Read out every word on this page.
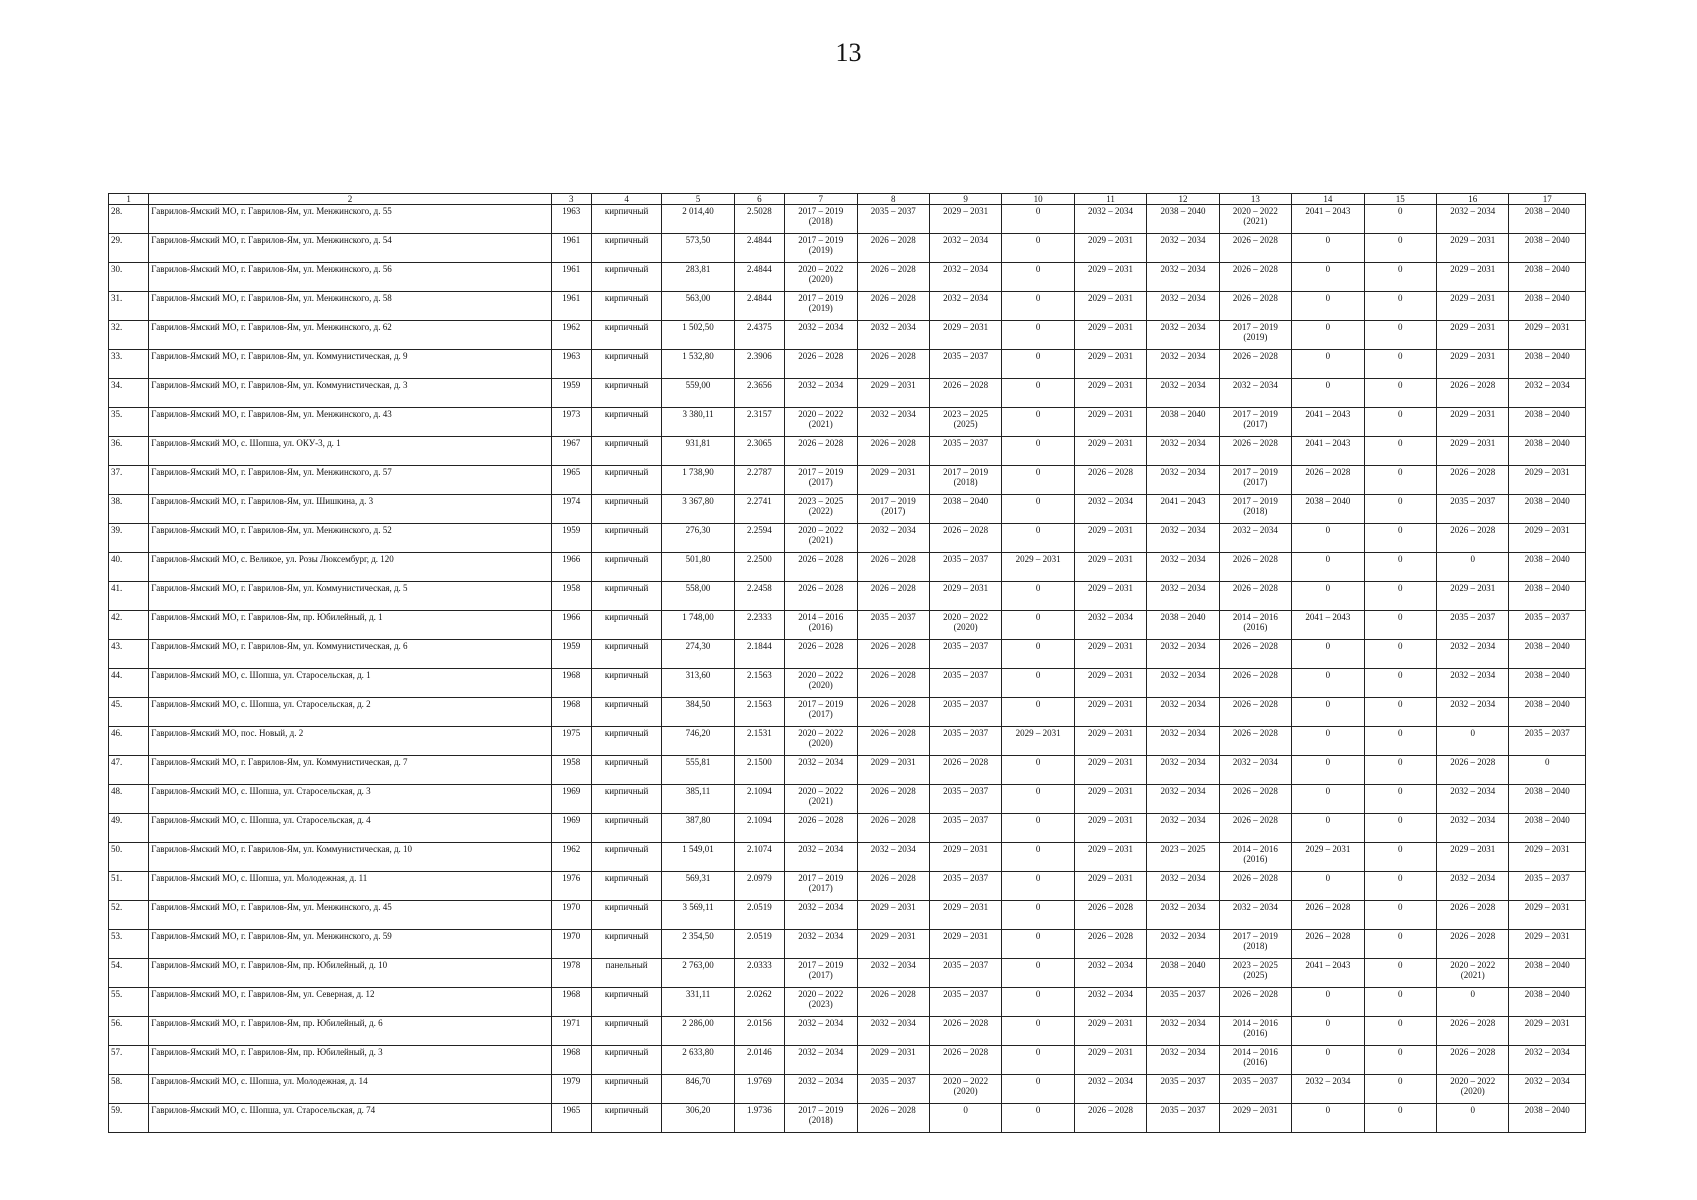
13
1	2	3	4	5	6	7	8	9	10	11	12	13	14	15	16	17
28.	Гаврилов-Ямский МО, г. Гаврилов-Ям, ул. Менжинского, д. 55	1963	кирпичный	2 014,40	2.5028	2017 – 2019
(2018)	2035 – 2037	2029 – 2031	0	2032 – 2034	2038 – 2040	2020 – 2022
(2021)	2041 – 2043	0	2032 – 2034	2038 – 2040

29.	Гаврилов-Ямский МО, г. Гаврилов-Ям, ул. Менжинского, д. 54	1961	кирпичный	573,50	2.4844	2017 – 2019
(2019)	2026 – 2028	2032 – 2034	0	2029 – 2031	2032 – 2034	2026 – 2028	0	0	2029 – 2031	2038 – 2040

30.	Гаврилов-Ямский МО, г. Гаврилов-Ям, ул. Менжинского, д. 56	1961	кирпичный	283,81	2.4844	2020 – 2022
(2020)	2026 – 2028	2032 – 2034	0	2029 – 2031	2032 – 2034	2026 – 2028	0	0	2029 – 2031	2038 – 2040

31.	Гаврилов-Ямский МО, г. Гаврилов-Ям, ул. Менжинского, д. 58	1961	кирпичный	563,00	2.4844	2017 – 2019
(2019)	2026 – 2028	2032 – 2034	0	2029 – 2031	2032 – 2034	2026 – 2028	0	0	2029 – 2031	2038 – 2040

32.	Гаврилов-Ямский МО, г. Гаврилов-Ям, ул. Менжинского, д. 62	1962	кирпичный	1 502,50	2.4375	2032 – 2034	2032 – 2034	2029 – 2031	0	2029 – 2031	2032 – 2034	2017 – 2019
(2019)	0	0	2029 – 2031	2029 – 2031

33.	Гаврилов-Ямский МО, г. Гаврилов-Ям, ул. Коммунистическая, д. 9	1963	кирпичный	1 532,80	2.3906	2026 – 2028	2026 – 2028	2035 – 2037	0	2029 – 2031	2032 – 2034	2026 – 2028	0	0	2029 – 2031	2038 – 2040

34.	Гаврилов-Ямский МО, г. Гаврилов-Ям, ул. Коммунистическая, д. 3	1959	кирпичный	559,00	2.3656	2032 – 2034	2029 – 2031	2026 – 2028	0	2029 – 2031	2032 – 2034	2032 – 2034	0	0	2026 – 2028	2032 – 2034

35.	Гаврилов-Ямский МО, г. Гаврилов-Ям, ул. Менжинского, д. 43	1973	кирпичный	3 380,11	2.3157	2020 – 2022
(2021)	2032 – 2034	2023 – 2025
(2025)	0	2029 – 2031	2038 – 2040	2017 – 2019
(2017)	2041 – 2043	0	2029 – 2031	2038 – 2040

36.	Гаврилов-Ямский МО, с. Шопша, ул. ОКУ-3, д. 1	1967	кирпичный	931,81	2.3065	2026 – 2028	2026 – 2028	2035 – 2037	0	2029 – 2031	2032 – 2034	2026 – 2028	2041 – 2043	0	2029 – 2031	2038 – 2040

37.	Гаврилов-Ямский МО, г. Гаврилов-Ям, ул. Менжинского, д. 57	1965	кирпичный	1 738,90	2.2787	2017 – 2019
(2017)	2029 – 2031	2017 – 2019
(2018)	0	2026 – 2028	2032 – 2034	2017 – 2019
(2017)	2026 – 2028	0	2026 – 2028	2029 – 2031

38.	Гаврилов-Ямский МО, г. Гаврилов-Ям, ул. Шишкина, д. 3	1974	кирпичный	3 367,80	2.2741	2023 – 2025
(2022)	2017 – 2019
(2017)	2038 – 2040	0	2032 – 2034	2041 – 2043	2017 – 2019
(2018)	2038 – 2040	0	2035 – 2037	2038 – 2040

39.	Гаврилов-Ямский МО, г. Гаврилов-Ям, ул. Менжинского, д. 52	1959	кирпичный	276,30	2.2594	2020 – 2022
(2021)	2032 – 2034	2026 – 2028	0	2029 – 2031	2032 – 2034	2032 – 2034	0	0	2026 – 2028	2029 – 2031

40.	Гаврилов-Ямский МО, с. Великое, ул. Розы Люксембург, д. 120	1966	кирпичный	501,80	2.2500	2026 – 2028	2026 – 2028	2035 – 2037	2029 – 2031	2029 – 2031	2032 – 2034	2026 – 2028	0	0	0	2038 – 2040

41.	Гаврилов-Ямский МО, г. Гаврилов-Ям, ул. Коммунистическая, д. 5	1958	кирпичный	558,00	2.2458	2026 – 2028	2026 – 2028	2029 – 2031	0	2029 – 2031	2032 – 2034	2026 – 2028	0	0	2029 – 2031	2038 – 2040

42.	Гаврилов-Ямский МО, г. Гаврилов-Ям, пр. Юбилейный, д. 1	1966	кирпичный	1 748,00	2.2333	2014 – 2016
(2016)	2035 – 2037	2020 – 2022
(2020)	0	2032 – 2034	2038 – 2040	2014 – 2016
(2016)	2041 – 2043	0	2035 – 2037	2035 – 2037

43.	Гаврилов-Ямский МО, г. Гаврилов-Ям, ул. Коммунистическая, д. 6	1959	кирпичный	274,30	2.1844	2026 – 2028	2026 – 2028	2035 – 2037	0	2029 – 2031	2032 – 2034	2026 – 2028	0	0	2032 – 2034	2038 – 2040

44.	Гаврилов-Ямский МО, с. Шопша, ул. Старосельская, д. 1	1968	кирпичный	313,60	2.1563	2020 – 2022
(2020)	2026 – 2028	2035 – 2037	0	2029 – 2031	2032 – 2034	2026 – 2028	0	0	2032 – 2034	2038 – 2040

45.	Гаврилов-Ямский МО, с. Шопша, ул. Старосельская, д. 2	1968	кирпичный	384,50	2.1563	2017 – 2019
(2017)	2026 – 2028	2035 – 2037	0	2029 – 2031	2032 – 2034	2026 – 2028	0	0	2032 – 2034	2038 – 2040

46.	Гаврилов-Ямский МО, пос. Новый, д. 2	1975	кирпичный	746,20	2.1531	2020 – 2022
(2020)	2026 – 2028	2035 – 2037	2029 – 2031	2029 – 2031	2032 – 2034	2026 – 2028	0	0	0	2035 – 2037

47.	Гаврилов-Ямский МО, г. Гаврилов-Ям, ул. Коммунистическая, д. 7	1958	кирпичный	555,81	2.1500	2032 – 2034	2029 – 2031	2026 – 2028	0	2029 – 2031	2032 – 2034	2032 – 2034	0	0	2026 – 2028	0

48.	Гаврилов-Ямский МО, с. Шопша, ул. Старосельская, д. 3	1969	кирпичный	385,11	2.1094	2020 – 2022
(2021)	2026 – 2028	2035 – 2037	0	2029 – 2031	2032 – 2034	2026 – 2028	0	0	2032 – 2034	2038 – 2040

49.	Гаврилов-Ямский МО, с. Шопша, ул. Старосельская, д. 4	1969	кирпичный	387,80	2.1094	2026 – 2028	2026 – 2028	2035 – 2037	0	2029 – 2031	2032 – 2034	2026 – 2028	0	0	2032 – 2034	2038 – 2040

50.	Гаврилов-Ямский МО, г. Гаврилов-Ям, ул. Коммунистическая, д. 10	1962	кирпичный	1 549,01	2.1074	2032 – 2034	2032 – 2034	2029 – 2031	0	2029 – 2031	2023 – 2025	2014 – 2016
(2016)	2029 – 2031	0	2029 – 2031	2029 – 2031

51.	Гаврилов-Ямский МО, с. Шопша, ул. Молодежная, д. 11	1976	кирпичный	569,31	2.0979	2017 – 2019
(2017)	2026 – 2028	2035 – 2037	0	2029 – 2031	2032 – 2034	2026 – 2028	0	0	2032 – 2034	2035 – 2037

52.	Гаврилов-Ямский МО, г. Гаврилов-Ям, ул. Менжинского, д. 45	1970	кирпичный	3 569,11	2.0519	2032 – 2034	2029 – 2031	2029 – 2031	0	2026 – 2028	2032 – 2034	2032 – 2034	2026 – 2028	0	2026 – 2028	2029 – 2031

53.	Гаврилов-Ямский МО, г. Гаврилов-Ям, ул. Менжинского, д. 59	1970	кирпичный	2 354,50	2.0519	2032 – 2034	2029 – 2031	2029 – 2031	0	2026 – 2028	2032 – 2034	2017 – 2019
(2018)	2026 – 2028	0	2026 – 2028	2029 – 2031

54.	Гаврилов-Ямский МО, г. Гаврилов-Ям, пр. Юбилейный, д. 10	1978	панельный	2 763,00	2.0333	2017 – 2019
(2017)	2032 – 2034	2035 – 2037	0	2032 – 2034	2038 – 2040	2023 – 2025
(2025)	2041 – 2043	0	2020 – 2022
(2021)	2038 – 2040

55.	Гаврилов-Ямский МО, г. Гаврилов-Ям, ул. Северная, д. 12	1968	кирпичный	331,11	2.0262	2020 – 2022
(2023)	2026 – 2028	2035 – 2037	0	2032 – 2034	2035 – 2037	2026 – 2028	0	0	0	2038 – 2040

56.	Гаврилов-Ямский МО, г. Гаврилов-Ям, пр. Юбилейный, д. 6	1971	кирпичный	2 286,00	2.0156	2032 – 2034	2032 – 2034	2026 – 2028	0	2029 – 2031	2032 – 2034	2014 – 2016
(2016)	0	0	2026 – 2028	2029 – 2031

57.	Гаврилов-Ямский МО, г. Гаврилов-Ям, пр. Юбилейный, д. 3	1968	кирпичный	2 633,80	2.0146	2032 – 2034	2029 – 2031	2026 – 2028	0	2029 – 2031	2032 – 2034	2014 – 2016
(2016)	0	0	2026 – 2028	2032 – 2034

58.	Гаврилов-Ямский МО, с. Шопша, ул. Молодежная, д. 14	1979	кирпичный	846,70	1.9769	2032 – 2034	2035 – 2037	2020 – 2022
(2020)	0	2032 – 2034	2035 – 2037	2035 – 2037	2032 – 2034	0	2020 – 2022
(2020)	2032 – 2034

59.	Гаврилов-Ямский МО, с. Шопша, ул. Старосельская, д. 74	1965	кирпичный	306,20	1.9736	2017 – 2019
(2018)	2026 – 2028	0	0	2026 – 2028	2035 – 2037	2029 – 2031	0	0	0	2038 – 2040
